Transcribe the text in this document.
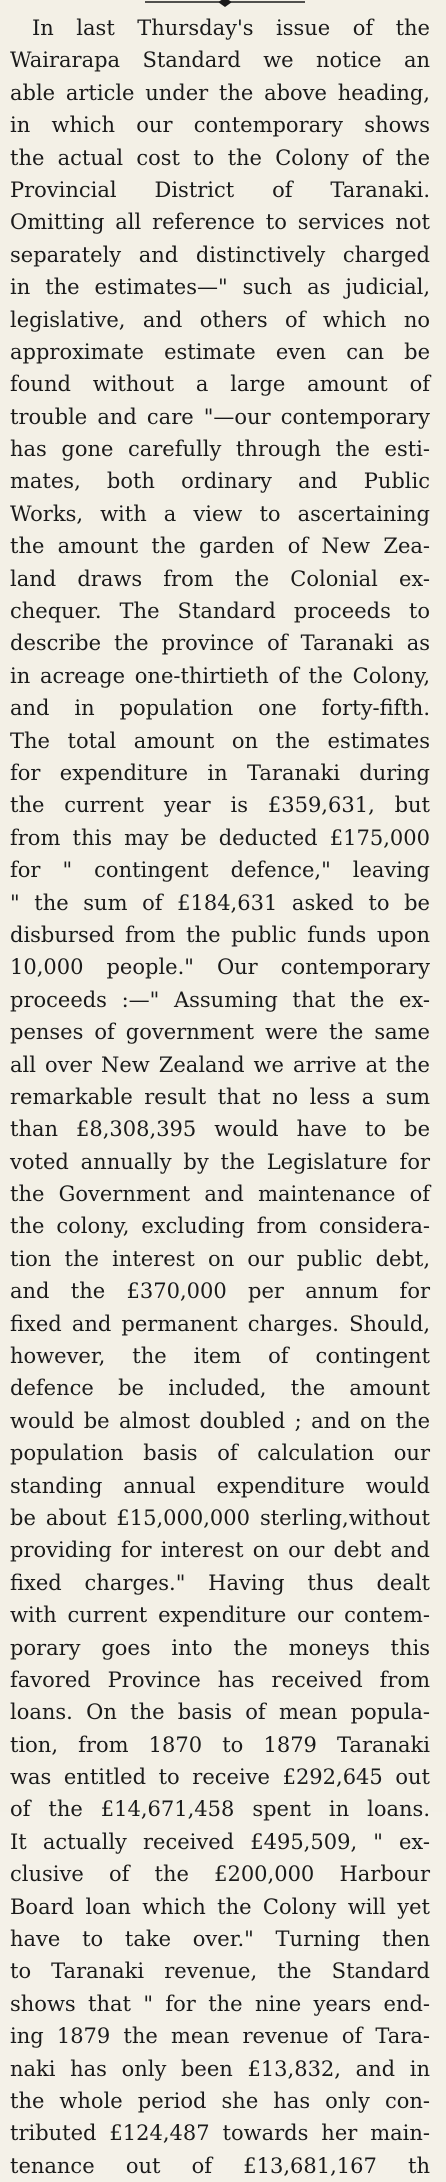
In last Thursday's issue of the
Wairarapa Standard we notice an
able article under the above heading,
in which our contemporary shows
the actual cost to the Colony of the
Provincial District of Taranaki.
Omitting all reference to services not
separately and distinctively charged
in the estimates—" such as judicial,
legislative, and others of which no
approximate estimate even can be
found without a large amount of
trouble and care "—our contemporary
has gone carefully through the esti-
mates, both ordinary and Public
Works, with a view to ascertaining
the amount the garden of New Zea-
land draws from the Colonial ex-
chequer. The Standard proceeds to
describe the province of Taranaki as
in acreage one-thirtieth of the Colony,
and in population one forty-fifth.
The total amount on the estimates
for expenditure in Taranaki during
the current year is £359,631, but
from this may be deducted £175,000
for " contingent defence," leaving
" the sum of £184,631 asked to be
disbursed from the public funds upon
10,000 people." Our contemporary
proceeds :—" Assuming that the ex-
penses of government were the same
all over New Zealand we arrive at the
remarkable result that no less a sum
than £8,308,395 would have to be
voted annually by the Legislature for
the Government and maintenance of
the colony, excluding from considera-
tion the interest on our public debt,
and the £370,000 per annum for
fixed and permanent charges. Should,
however, the item of contingent
defence be included, the amount
would be almost doubled ; and on the
population basis of calculation our
standing annual expenditure would
be about £15,000,000 sterling,without
providing for interest on our debt and
fixed charges." Having thus dealt
with current expenditure our contem-
porary goes into the moneys this
favored Province has received from
loans. On the basis of mean popula-
tion, from 1870 to 1879 Taranaki
was entitled to receive £292,645 out
of the £14,671,458 spent in loans.
It actually received £495,509, " ex-
clusive of the £200,000 Harbour
Board loan which the Colony will yet
have to take over." Turning then
to Taranaki revenue, the Standard
shows that " for the nine years end-
ing 1879 the mean revenue of Tara-
naki has only been £13,832, and in
the whole period she has only con-
tributed £124,487 towards her main-
tenance out of £13,681,167 th
